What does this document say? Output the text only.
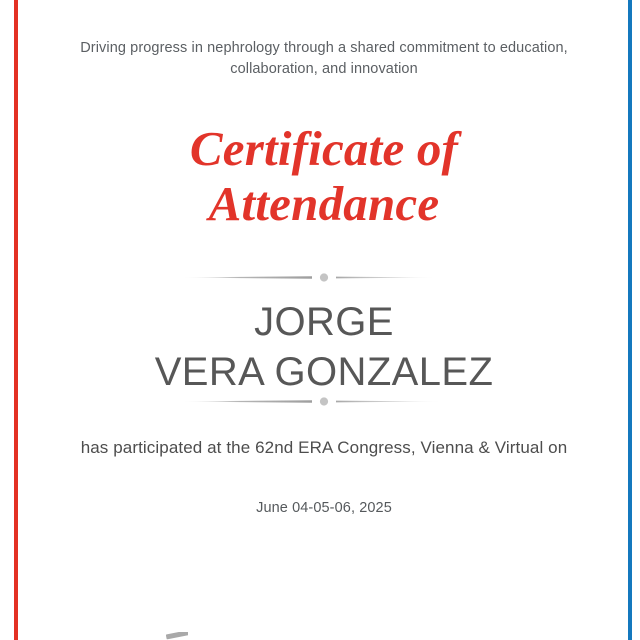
Driving progress in nephrology through a shared commitment to education, collaboration, and innovation
Certificate of
Attendance
JORGE
VERA GONZALEZ
has participated at the 62nd ERA Congress, Vienna & Virtual on
June 04-05-06, 2025
